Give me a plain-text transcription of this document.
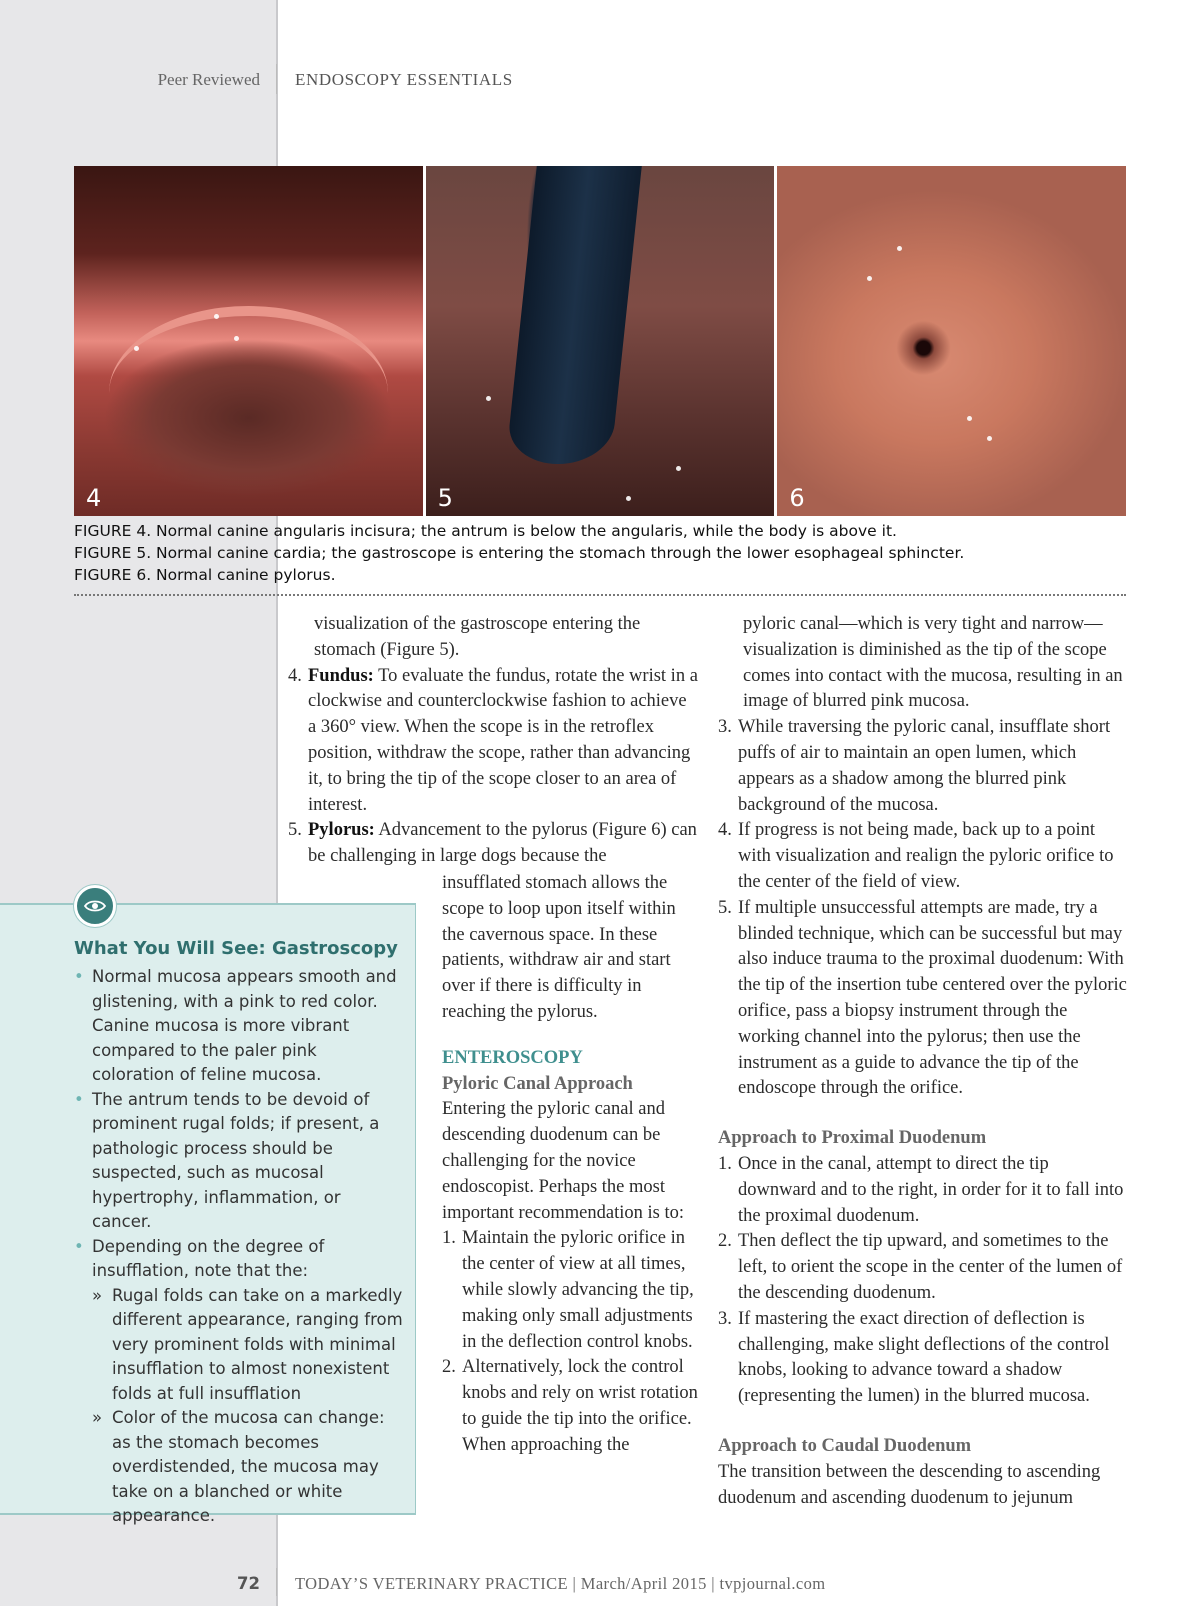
Peer Reviewed ENDOSCOPY ESSENTIALS
4	5	6
FIGURE 4. Normal canine angularis incisura; the antrum is below the angularis, while the body is above it.
FIGURE 5. Normal canine cardia; the gastroscope is entering the stomach through the lower esophageal sphincter.
FIGURE 6. Normal canine pylorus.

visualization of the gastroscope entering the stomach (Figure 5).

4. Fundus: To evaluate the fundus, rotate the wrist in a clockwise and counterclockwise fashion to achieve a 360° view. When the scope is in the retroflex position, withdraw the scope, rather than advancing it, to bring the tip of the scope closer to an area of interest.
5. Pylorus: Advancement to the pylorus (Figure 6) can be challenging in large dogs because the

insufflated stomach allows the scope to loop upon itself within the cavernous space. In these patients, withdraw air and start over if there is difficulty in reaching the pylorus.

ENTEROSCOPY

Pyloric Canal Approach

Entering the pyloric canal and descending duodenum can be challenging for the novice endoscopist. Perhaps the most important recommendation is to:

1. Maintain the pyloric orifice in the center of view at all times, while slowly advancing the tip, making only small adjustments in the deflection control knobs.
2. Alternatively, lock the control knobs and rely on wrist rotation to guide the tip into the orifice.

When approaching the

pyloric canal—which is very tight and narrow—visualization is diminished as the tip of the scope comes into contact with the mucosa, resulting in an image of blurred pink mucosa.

3. While traversing the pyloric canal, insufflate short puffs of air to maintain an open lumen, which appears as a shadow among the blurred pink background of the mucosa.
4. If progress is not being made, back up to a point with visualization and realign the pyloric orifice to the center of the field of view.
5. If multiple unsuccessful attempts are made, try a blinded technique, which can be successful but may also induce trauma to the proximal duodenum: With the tip of the insertion tube centered over the pyloric orifice, pass a biopsy instrument through the working channel into the pylorus; then use the instrument as a guide to advance the tip of the endoscope through the orifice.

Approach to Proximal Duodenum

1. Once in the canal, attempt to direct the tip downward and to the right, in order for it to fall into the proximal duodenum.
2. Then deflect the tip upward, and sometimes to the left, to orient the scope in the center of the lumen of the descending duodenum.
3. If mastering the exact direction of deflection is challenging, make slight deflections of the control knobs, looking to advance toward a shadow (representing the lumen) in the blurred mucosa.

Approach to Caudal Duodenum

The transition between the descending to ascending duodenum and ascending duodenum to jejunum

What You Will See: Gastroscopy
• Normal mucosa appears smooth and glistening, with a pink to red color. Canine mucosa is more vibrant compared to the paler pink coloration of feline mucosa.
• The antrum tends to be devoid of prominent rugal folds; if present, a pathologic process should be suspected, such as mucosal hypertrophy, inflammation, or cancer.
• Depending on the degree of insufflation, note that the:
» Rugal folds can take on a markedly different appearance, ranging from very prominent folds with minimal insufflation to almost nonexistent folds at full insufflation
» Color of the mucosa can change: as the stomach becomes overdistended, the mucosa may take on a blanched or white appearance.
72 TODAY’S VETERINARY PRACTICE | March/April 2015 | tvpjournal.com
